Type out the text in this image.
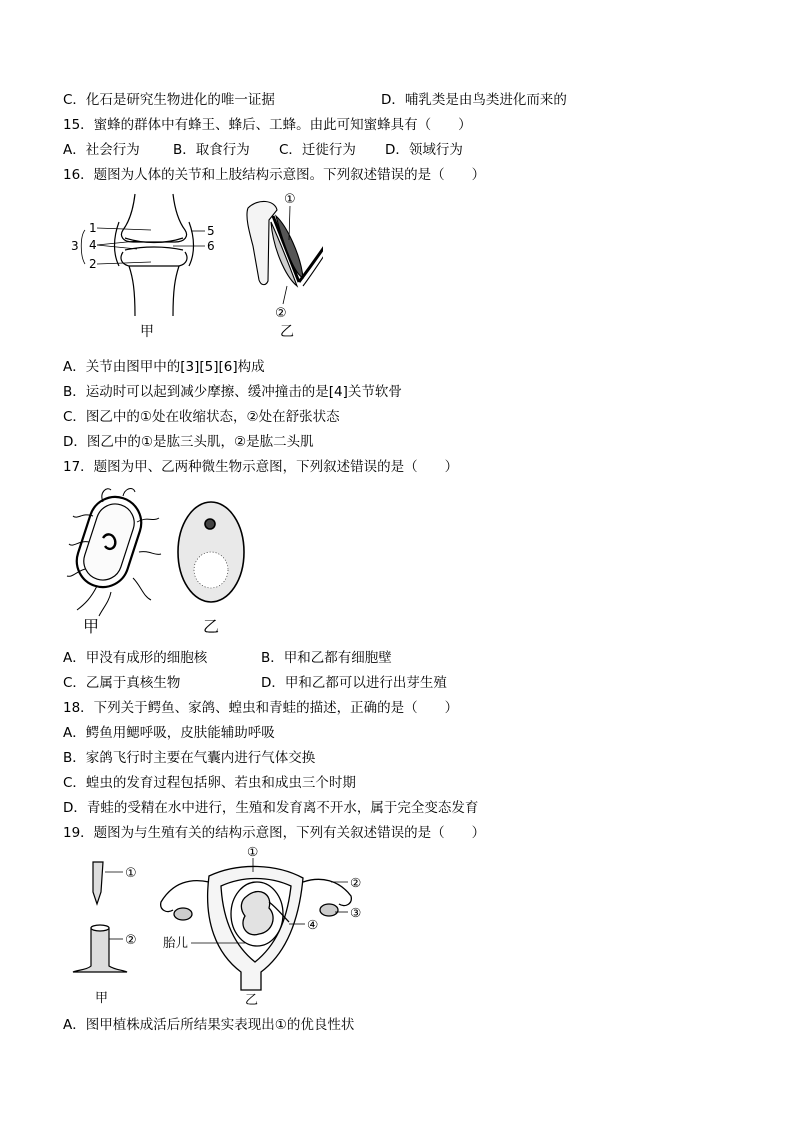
C．化石是研究生物进化的唯一证据	D．哺乳类是由鸟类进化而来的
15．蜜蜂的群体中有蜂王、蜂后、工蜂。由此可知蜜蜂具有（　　）
A．社会行为 B．取食行为 C．迁徙行为 D．领域行为
16．题图为人体的关节和上肢结构示意图。下列叙述错误的是（　　）
1
4
2
3
5
6
甲
①
②
乙
A．关节由图甲中的[3][5][6]构成
B．运动时可以起到减少摩擦、缓冲撞击的是[4]关节软骨
C．图乙中的①处在收缩状态，②处在舒张状态
D．图乙中的①是肱三头肌，②是肱二头肌
17．题图为甲、乙两种微生物示意图，下列叙述错误的是（　　）
甲	乙
A．甲没有成形的细胞核	B．甲和乙都有细胞壁
C．乙属于真核生物	D．甲和乙都可以进行出芽生殖
18．下列关于鳄鱼、家鸽、蝗虫和青蛙的描述，正确的是（　　）
A．鳄鱼用鳃呼吸，皮肤能辅助呼吸
B．家鸽飞行时主要在气囊内进行气体交换
C．蝗虫的发育过程包括卵、若虫和成虫三个时期
D．青蛙的受精在水中进行，生殖和发育离不开水，属于完全变态发育
19．题图为与生殖有关的结构示意图，下列有关叙述错误的是（　　）
①
②
甲
①
②
③
④
胎儿
乙
A．图甲植株成活后所结果实表现出①的优良性状
